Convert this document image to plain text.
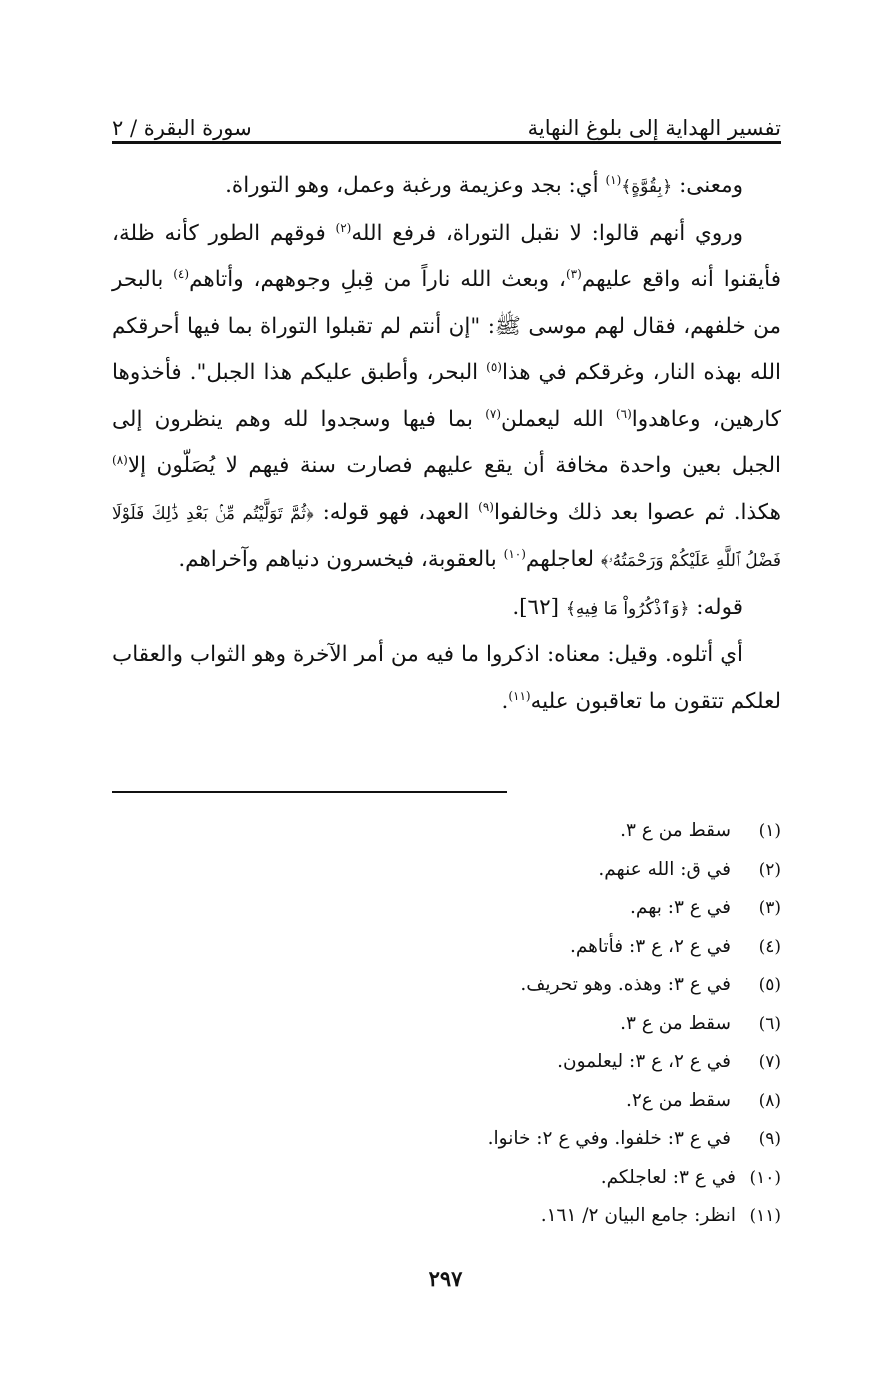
تفسير الهداية إلى بلوغ النهاية
سورة البقرة / ٢

ومعنى: ﴿بِقُوَّةٍ﴾$^{(١)}$ أي: بجد وعزيمة ورغبة وعمل، وهو التوراة.

وروي أنهم قالوا: لا نقبل التوراة، فرفع الله$^{(٢)}$ فوقهم الطور كأنه ظلة، فأيقنوا أنه واقع عليهم$^{(٣)}$، وبعث الله ناراً من قِبلِ وجوههم، وأتاهم$^{(٤)}$ بالبحر من خلفهم، فقال لهم موسى ﷺ: "إن أنتم لم تقبلوا التوراة بما فيها أحرقكم الله بهذه النار، وغرقكم في هذا$^{(٥)}$ البحر، وأطبق عليكم هذا الجبل". فأخذوها كارهين، وعاهدوا$^{(٦)}$ الله ليعملن$^{(٧)}$ بما فيها وسجدوا لله وهم ينظرون إلى الجبل بعين واحدة مخافة أن يقع عليهم فصارت سنة فيهم لا يُصَلّون إلا$^{(٨)}$ هكذا. ثم عصوا بعد ذلك وخالفوا$^{(٩)}$ العهد، فهو قوله: ﴿ثُمَّ تَوَلَّيْتُم مِّنۢ بَعْدِ ذَٰلِكَ فَلَوْلَا فَضْلُ ٱللَّهِ عَلَيْكُمْ وَرَحْمَتُهُۥ﴾ لعاجلهم$^{(١٠)}$ بالعقوبة، فيخسرون دنياهم وآخراهم.

قوله: ﴿وَٱذْكُرُواْ مَا فِيهِ﴾ [٦٢].

أي أتلوه. وقيل: معناه: اذكروا ما فيه من أمر الآخرة وهو الثواب والعقاب لعلكم تتقون ما تعاقبون عليه$^{(١١)}$.

(١)
سقط من ع ٣.
(٢)
في ق: الله عنهم.
(٣)
في ع ٣: بهم.
(٤)
في ع ٢، ع ٣: فأتاهم.
(٥)
في ع ٣: وهذه. وهو تحريف.
(٦)
سقط من ع ٣.
(٧)
في ع ٢، ع ٣: ليعلمون.
(٨)
سقط من ع٢.
(٩)
في ع ٣: خلفوا. وفي ع ٢: خانوا.
(١٠)
في ع ٣: لعاجلكم.
(١١)
انظر: جامع البيان ٢/ ١٦١.
٢٩٧
